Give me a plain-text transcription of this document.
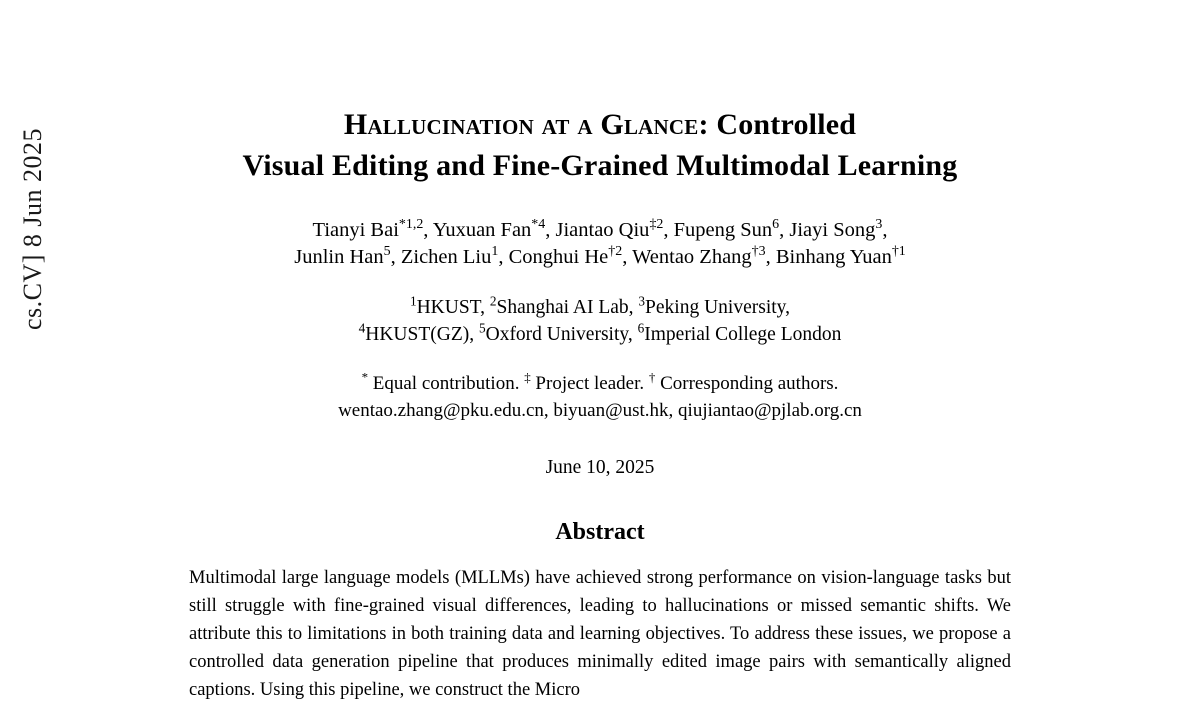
cs.CV] 8 Jun 2025
Hallucination at a Glance: Controlled
Visual Editing and Fine-Grained Multimodal Learning
Tianyi Bai$^{*1,2}$, Yuxuan Fan$^{*4}$, Jiantao Qiu$^{\ddagger 2}$, Fupeng Sun$^6$, Jiayi Song$^3$,
Junlin Han$^5$, Zichen Liu$^1$, Conghui He$^{\dagger 2}$, Wentao Zhang$^{\dagger 3}$, Binhang Yuan$^{\dagger 1}$
$^1$HKUST, $^2$Shanghai AI Lab, $^3$Peking University,
$^4$HKUST(GZ), $^5$Oxford University, $^6$Imperial College London
* Equal contribution. ‡ Project leader. † Corresponding authors.
wentao.zhang@pku.edu.cn, biyuan@ust.hk, qiujiantao@pjlab.org.cn
June 10, 2025
Abstract
Multimodal large language models (MLLMs) have achieved strong performance on vision-language tasks but still struggle with fine-grained visual differences, leading to hallucinations or missed semantic shifts. We attribute this to limitations in both training data and learning objectives. To address these issues, we propose a controlled data generation pipeline that produces minimally edited image pairs with semantically aligned captions. Using this pipeline, we construct the Micro
